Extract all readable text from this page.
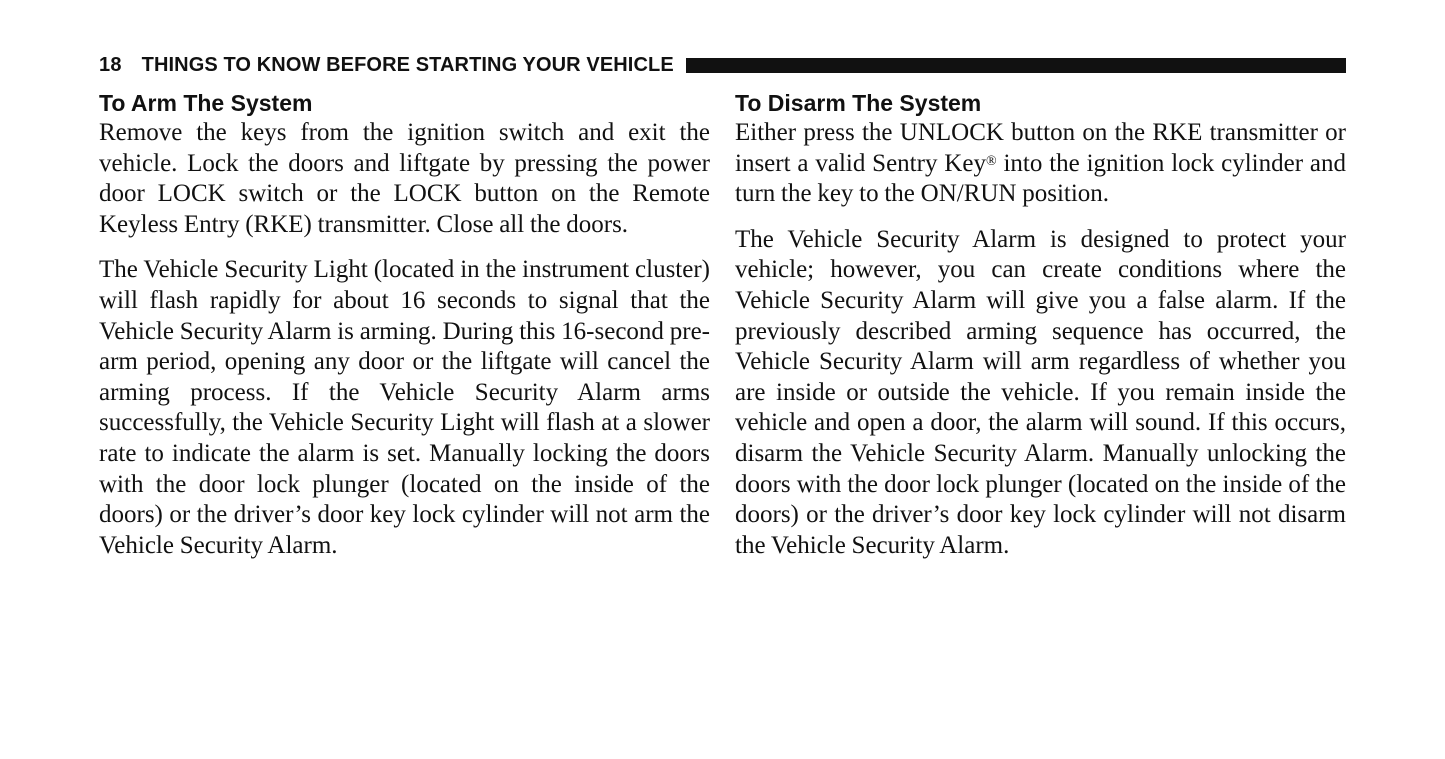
18 THINGS TO KNOW BEFORE STARTING YOUR VEHICLE
To Arm The System

Remove the keys from the ignition switch and exit the vehicle. Lock the doors and liftgate by pressing the power door LOCK switch or the LOCK button on the Remote Keyless Entry (RKE) transmitter. Close all the doors.

The Vehicle Security Light (located in the instrument cluster) will flash rapidly for about 16 seconds to signal that the Vehicle Security Alarm is arming. During this 16-second pre-arm period, opening any door or the liftgate will cancel the arming process. If the Vehicle Security Alarm arms successfully, the Vehicle Security Light will flash at a slower rate to indicate the alarm is set. Manually locking the doors with the door lock plunger (located on the inside of the doors) or the driver’s door key lock cylinder will not arm the Vehicle Security Alarm.

To Disarm The System

Either press the UNLOCK button on the RKE transmitter or insert a valid Sentry Key® into the ignition lock cylinder and turn the key to the ON/RUN position.

The Vehicle Security Alarm is designed to protect your vehicle; however, you can create conditions where the Vehicle Security Alarm will give you a false alarm. If the previously described arming sequence has occurred, the Vehicle Security Alarm will arm regardless of whether you are inside or outside the vehicle. If you remain inside the vehicle and open a door, the alarm will sound. If this occurs, disarm the Vehicle Security Alarm. Manually unlocking the doors with the door lock plunger (located on the inside of the doors) or the driver’s door key lock cylinder will not disarm the Vehicle Security Alarm.
